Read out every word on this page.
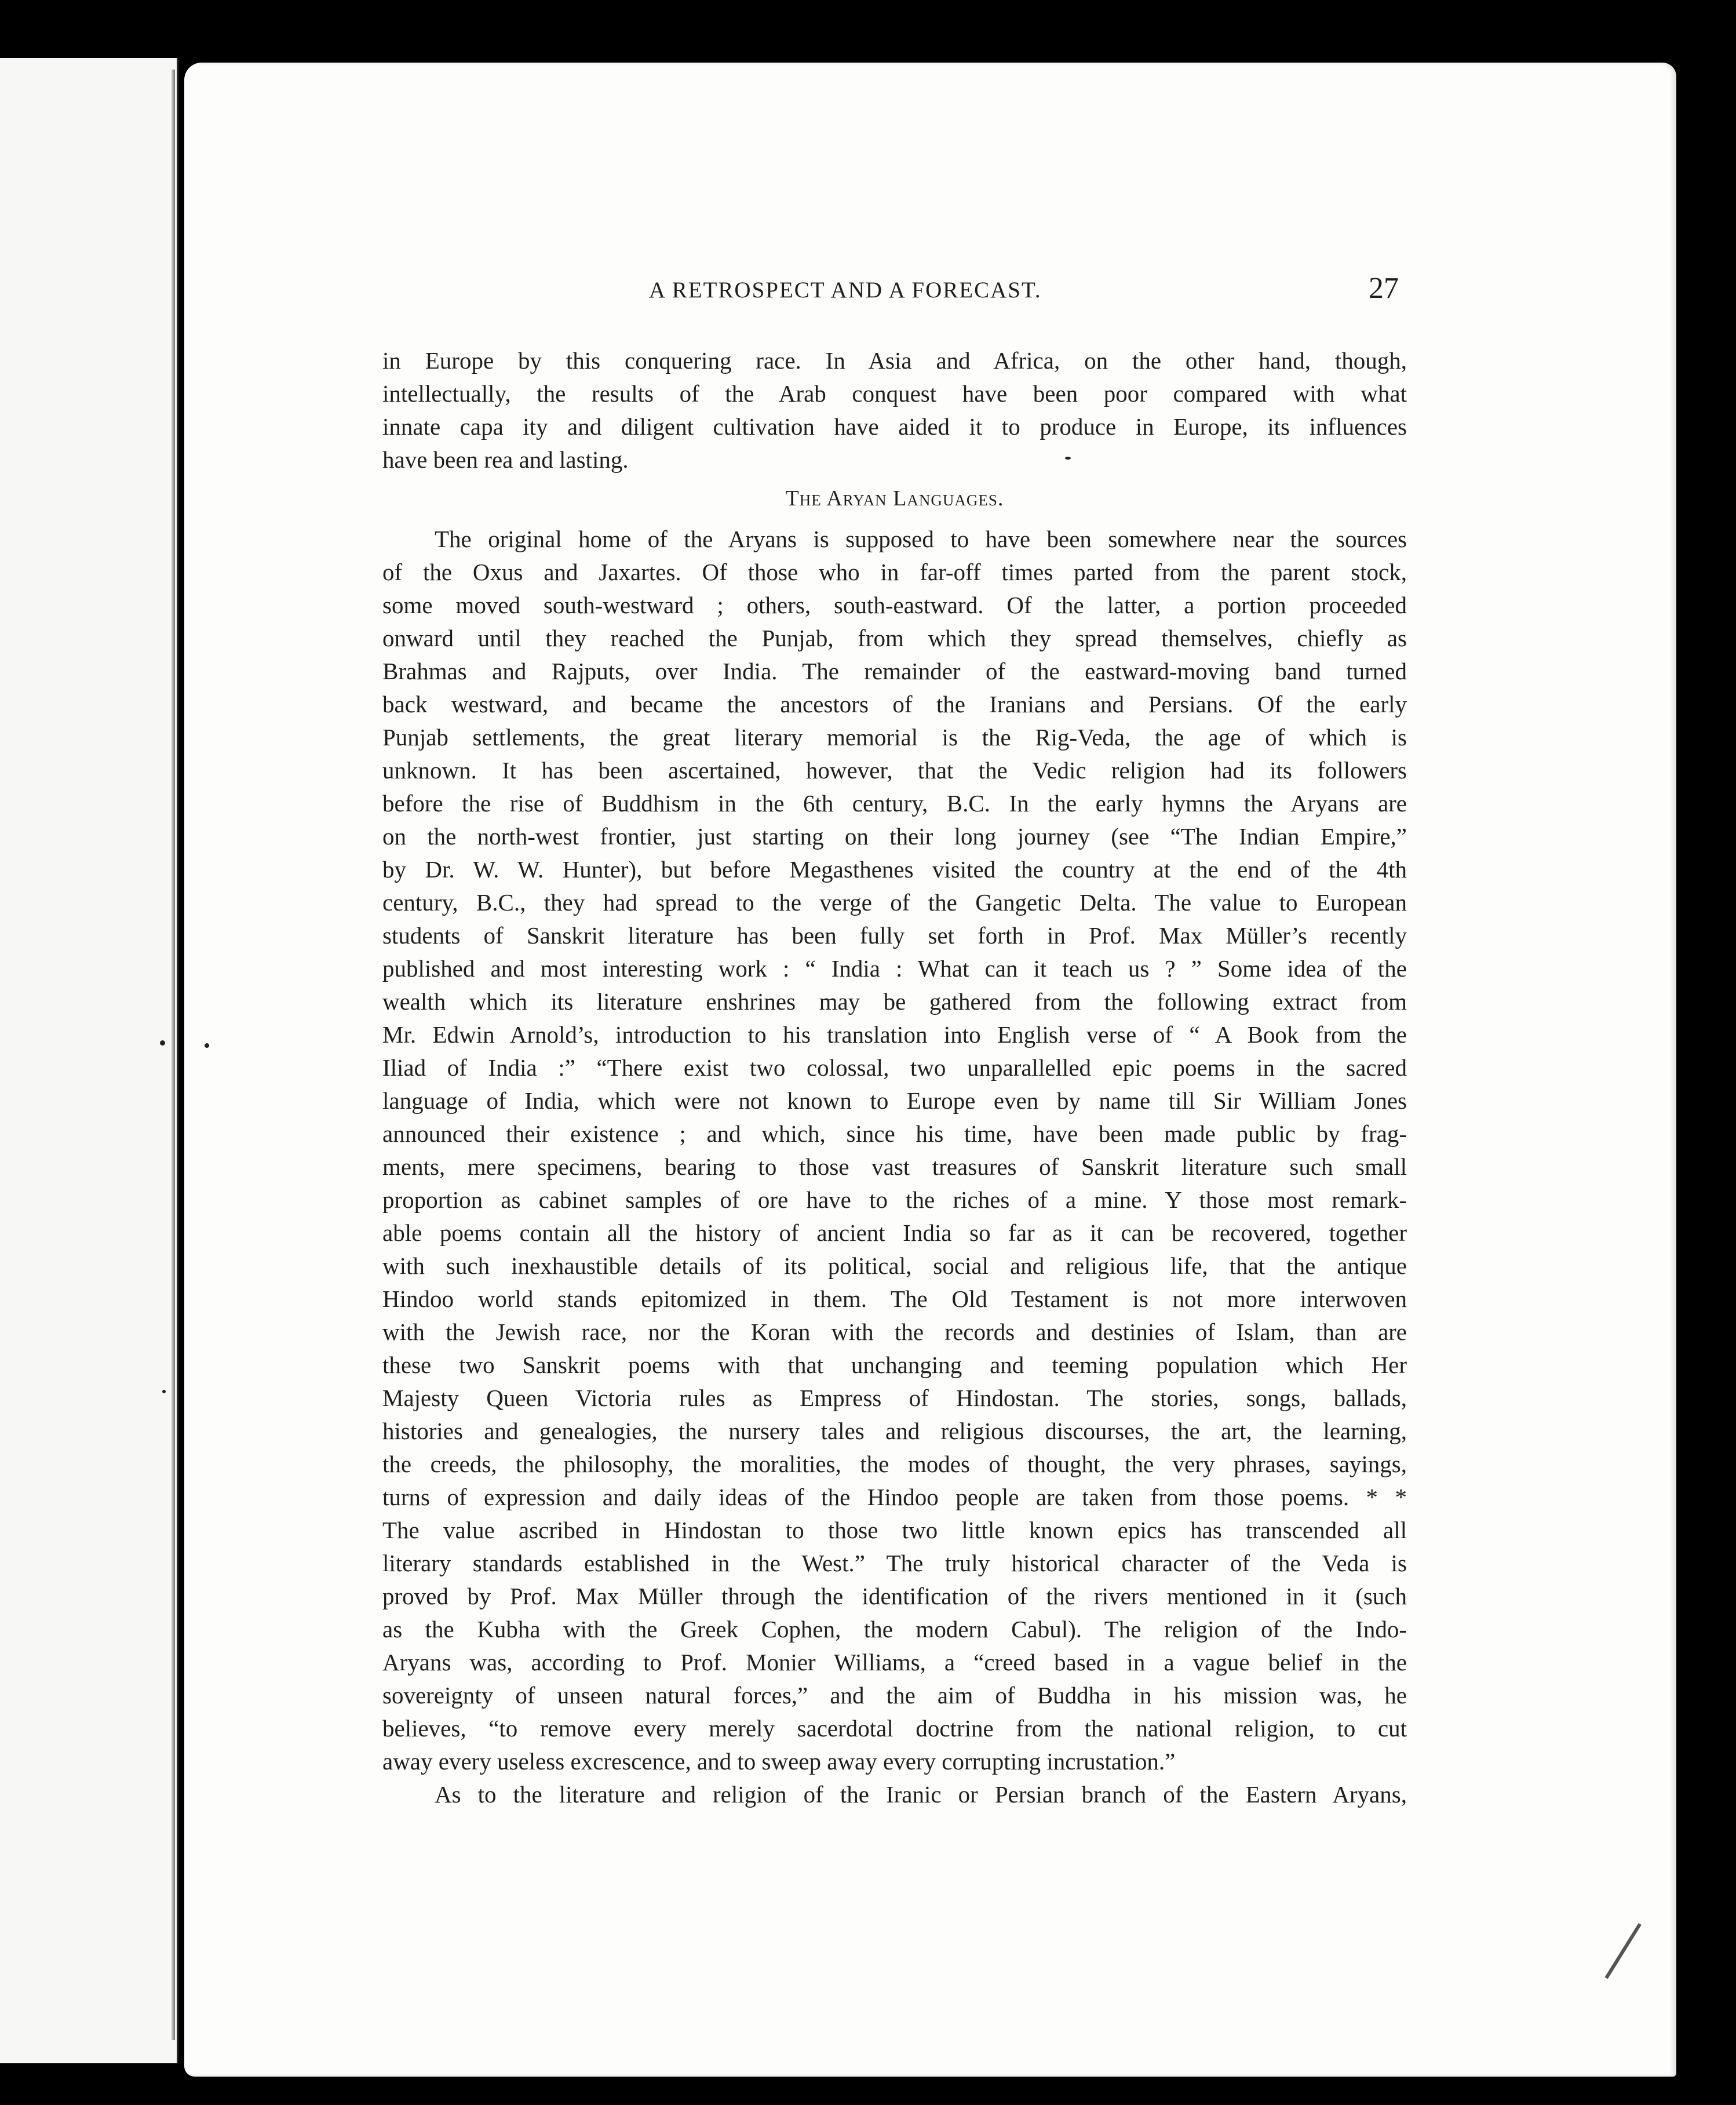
A RETROSPECT AND A FORECAST.	27
in Europe by this conquering race. In Asia and Africa, on the other hand, though,
intellectually, the results of the Arab conquest have been poor compared with what
innate capa ity and diligent cultivation have aided it to produce in Europe, its influences
have been rea and lasting.
The Aryan Languages.
The original home of the Aryans is supposed to have been somewhere near the sources
of the Oxus and Jaxartes. Of those who in far-off times parted from the parent stock,
some moved south-westward ; others, south-eastward. Of the latter, a portion proceeded
onward until they reached the Punjab, from which they spread themselves, chiefly as
Brahmas and Rajputs, over India. The remainder of the eastward-moving band turned
back westward, and became the ancestors of the Iranians and Persians. Of the early
Punjab settlements, the great literary memorial is the Rig-Veda, the age of which is
unknown. It has been ascertained, however, that the Vedic religion had its followers
before the rise of Buddhism in the 6th century, B.C. In the early hymns the Aryans are
on the north-west frontier, just starting on their long journey (see “The Indian Empire,”
by Dr. W. W. Hunter), but before Megasthenes visited the country at the end of the 4th
century, B.C., they had spread to the verge of the Gangetic Delta. The value to European
students of Sanskrit literature has been fully set forth in Prof. Max Müller’s recently
published and most interesting work : “ India : What can it teach us ? ” Some idea of the
wealth which its literature enshrines may be gathered from the following extract from
Mr. Edwin Arnold’s, introduction to his translation into English verse of “ A Book from the
Iliad of India :” “There exist two colossal, two unparallelled epic poems in the sacred
language of India, which were not known to Europe even by name till Sir William Jones
announced their existence ; and which, since his time, have been made public by frag-
ments, mere specimens, bearing to those vast treasures of Sanskrit literature such small
proportion as cabinet samples of ore have to the riches of a mine. Y those most remark-
able poems contain all the history of ancient India so far as it can be recovered, together
with such inexhaustible details of its political, social and religious life, that the antique
Hindoo world stands epitomized in them. The Old Testament is not more interwoven
with the Jewish race, nor the Koran with the records and destinies of Islam, than are
these two Sanskrit poems with that unchanging and teeming population which Her
Majesty Queen Victoria rules as Empress of Hindostan. The stories, songs, ballads,
histories and genealogies, the nursery tales and religious discourses, the art, the learning,
the creeds, the philosophy, the moralities, the modes of thought, the very phrases, sayings,
turns of expression and daily ideas of the Hindoo people are taken from those poems. * *
The value ascribed in Hindostan to those two little known epics has transcended all
literary standards established in the West.” The truly historical character of the Veda is
proved by Prof. Max Müller through the identification of the rivers mentioned in it (such
as the Kubha with the Greek Cophen, the modern Cabul). The religion of the Indo-
Aryans was, according to Prof. Monier Williams, a “creed based in a vague belief in the
sovereignty of unseen natural forces,” and the aim of Buddha in his mission was, he
believes, “to remove every merely sacerdotal doctrine from the national religion, to cut
away every useless excrescence, and to sweep away every corrupting incrustation.”
As to the literature and religion of the Iranic or Persian branch of the Eastern Aryans,
